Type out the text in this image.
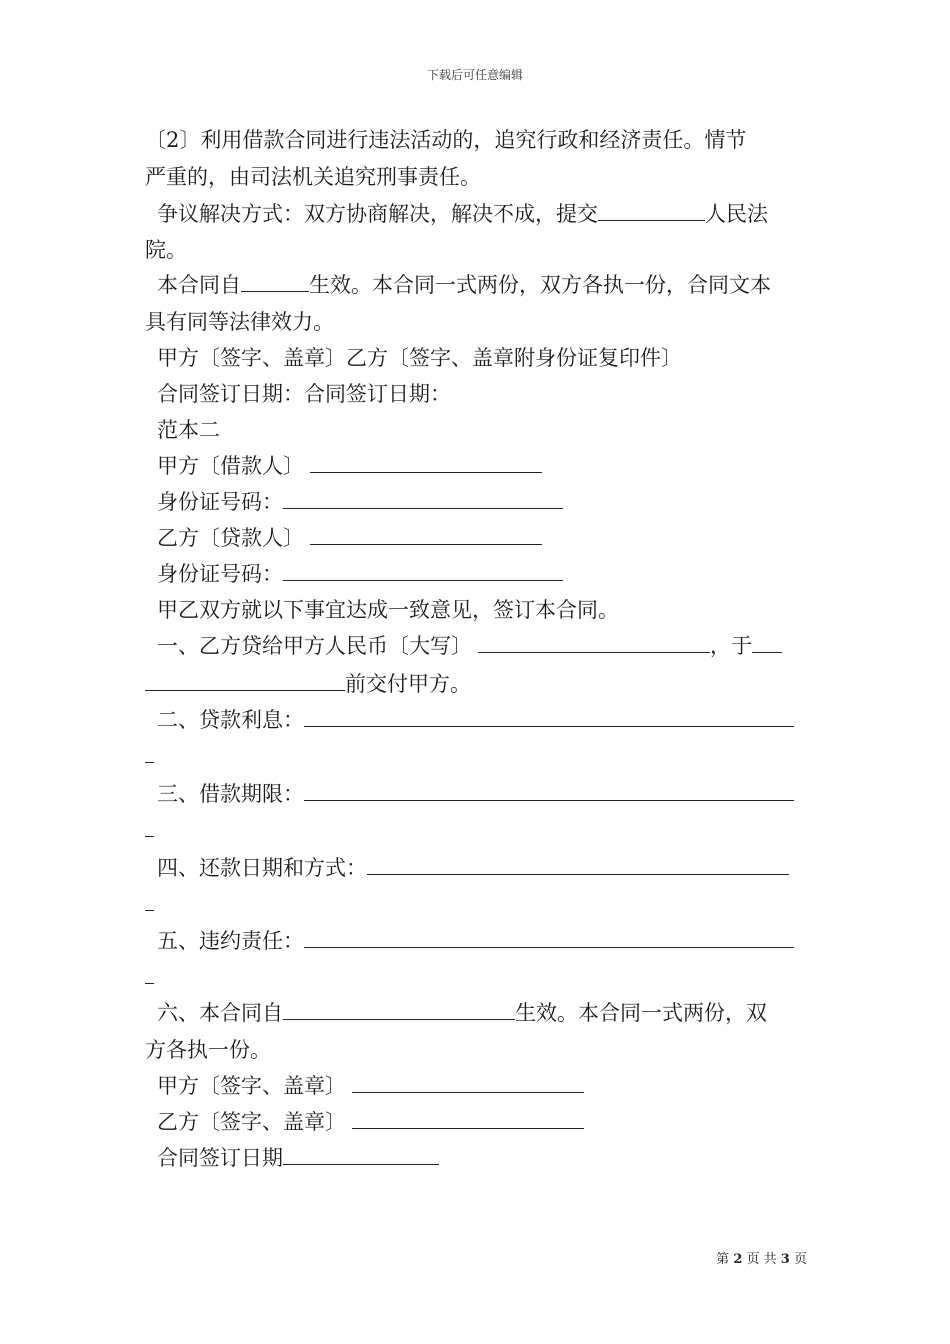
下载后可任意编辑
〔2〕利用借款合同进行违法活动的，追究行政和经济责任。情节
严重的，由司法机关追究刑事责任。
争议解决方式：双方协商解决，解决不成，提交	人民法
院。
本合同自	生效。本合同一式两份，双方各执一份，合同文本
具有同等法律效力。
甲方〔签字、盖章〕乙方〔签字、盖章附身份证复印件〕
合同签订日期：合同签订日期：
范本二
甲方〔借款人〕
身份证号码：
乙方〔贷款人〕
身份证号码：
甲乙双方就以下事宜达成一致意见，签订本合同。
一、乙方贷给甲方人民币〔大写〕	，于
前交付甲方。
二、贷款利息：
三、借款期限：
四、还款日期和方式：
五、违约责任：
六、本合同自	生效。本合同一式两份，双
方各执一份。
甲方〔签字、盖章〕
乙方〔签字、盖章〕
合同签订日期
第 2 页 共 3 页
